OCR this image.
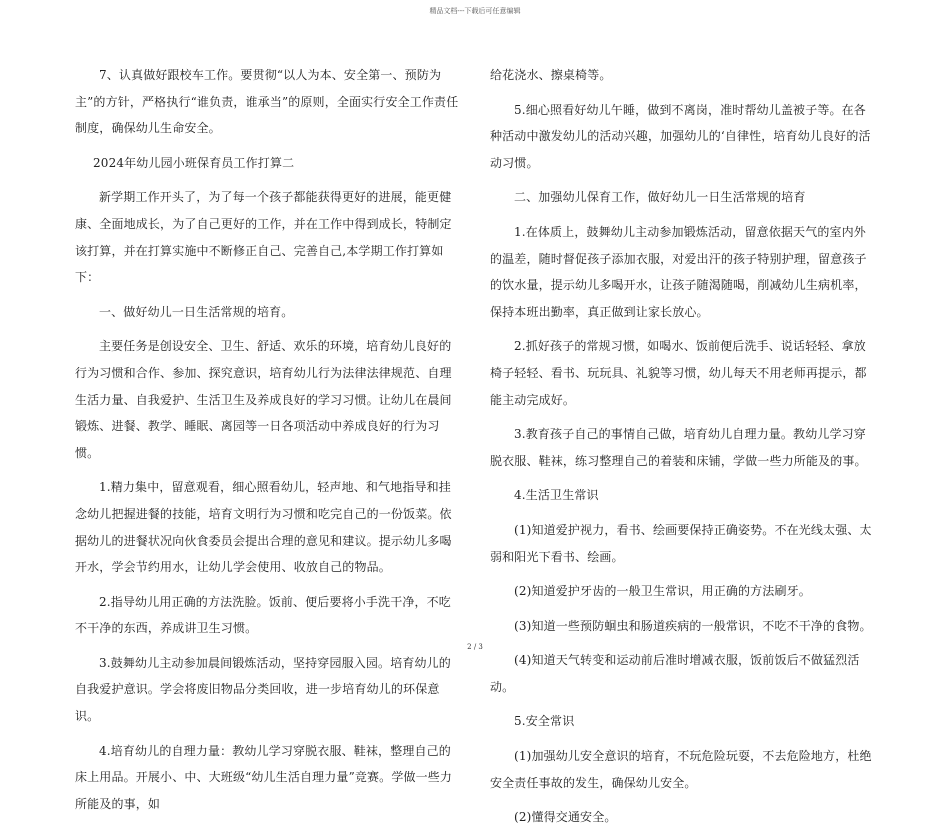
精品文档---下载后可任意编辑

7、认真做好跟校车工作。要贯彻“以人为本、安全第一、预防为主”的方针，严格执行“谁负责，谁承当”的原则，全面实行安全工作责任制度，确保幼儿生命安全。

2024年幼儿园小班保育员工作打算二

新学期工作开头了，为了每一个孩子都能获得更好的进展，能更健康、全面地成长，为了自己更好的工作，并在工作中得到成长，特制定该打算，并在打算实施中不断修正自己、完善自己,本学期工作打算如下：

一、做好幼儿一日生活常规的培育。

主要任务是创设安全、卫生、舒适、欢乐的环境，培育幼儿良好的行为习惯和合作、参加、探究意识，培育幼儿行为法律法律规范、自理生活力量、自我爱护、生活卫生及养成良好的学习习惯。让幼儿在晨间锻炼、进餐、教学、睡眠、离园等一日各项活动中养成良好的行为习惯。

1.精力集中，留意观看，细心照看幼儿，轻声地、和气地指导和挂念幼儿把握进餐的技能，培育文明行为习惯和吃完自己的一份饭菜。依据幼儿的进餐状况向伙食委员会提出合理的意见和建议。提示幼儿多喝开水，学会节约用水，让幼儿学会使用、收放自己的物品。

2.指导幼儿用正确的方法洗脸。饭前、便后要将小手洗干净，不吃不干净的东西，养成讲卫生习惯。

3.鼓舞幼儿主动参加晨间锻炼活动，坚持穿园服入园。培育幼儿的自我爱护意识。学会将废旧物品分类回收，进一步培育幼儿的环保意识。

4.培育幼儿的自理力量：教幼儿学习穿脱衣服、鞋袜，整理自己的床上用品。开展小、中、大班级“幼儿生活自理力量”竞赛。学做一些力所能及的事，如

给花浇水、擦桌椅等。

5.细心照看好幼儿午睡，做到不离岗，准时帮幼儿盖被子等。在各种活动中激发幼儿的活动兴趣，加强幼儿的‘自律性，培育幼儿良好的活动习惯。

二、加强幼儿保育工作，做好幼儿一日生活常规的培育

1.在体质上，鼓舞幼儿主动参加锻炼活动，留意依据天气的室内外的温差，随时督促孩子添加衣服，对爱出汗的孩子特别护理，留意孩子的饮水量，提示幼儿多喝开水，让孩子随渴随喝，削减幼儿生病机率，保持本班出勤率，真正做到让家长放心。

2.抓好孩子的常规习惯，如喝水、饭前便后洗手、说话轻轻、拿放椅子轻轻、看书、玩玩具、礼貌等习惯，幼儿每天不用老师再提示，都能主动完成好。

3.教育孩子自己的事情自己做，培育幼儿自理力量。教幼儿学习穿脱衣服、鞋袜，练习整理自己的着装和床铺，学做一些力所能及的事。

4.生活卫生常识

(1)知道爱护视力，看书、绘画要保持正确姿势。不在光线太强、太弱和阳光下看书、绘画。

(2)知道爱护牙齿的一般卫生常识，用正确的方法刷牙。

(3)知道一些预防蛔虫和肠道疾病的一般常识，不吃不干净的食物。

(4)知道天气转变和运动前后准时增减衣服，饭前饭后不做猛烈活动。

5.安全常识

(1)加强幼儿安全意识的培育，不玩危险玩耍，不去危险地方，杜绝安全责任事故的发生，确保幼儿安全。

(2)懂得交通安全。

2 / 3
